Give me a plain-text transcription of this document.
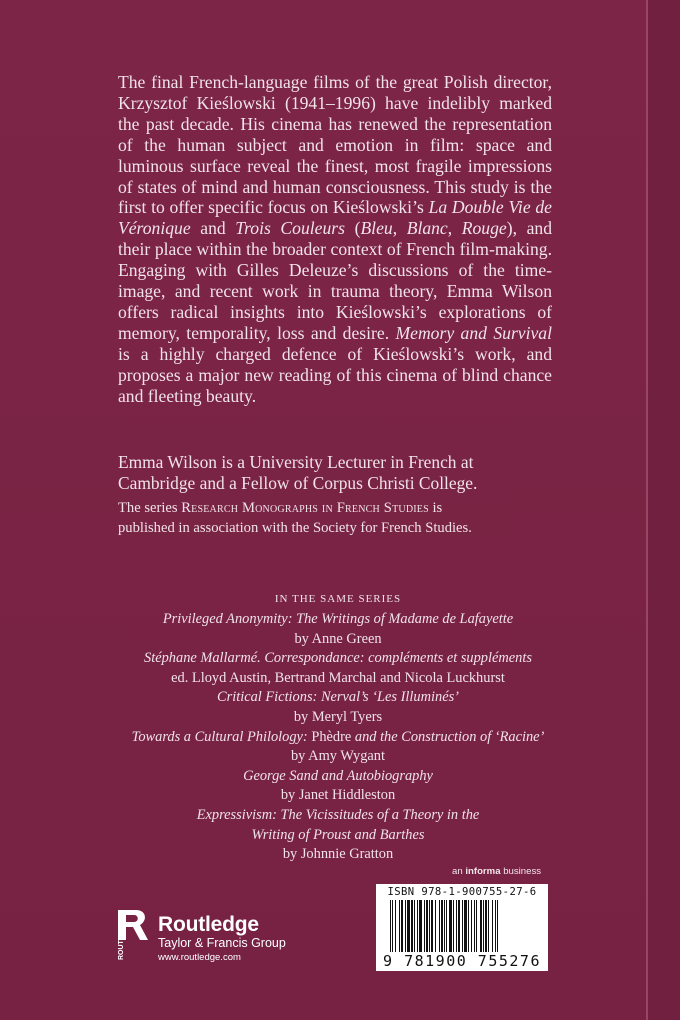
The final French-language films of the great Polish director, Krzysztof Kieślowski (1941–1996) have indelibly marked the past decade. His cinema has renewed the representation of the human subject and emotion in film: space and luminous surface reveal the finest, most fragile impressions of states of mind and human consciousness. This study is the first to offer specific focus on Kieślowski’s La Double Vie de Véronique and Trois Couleurs (Bleu, Blanc, Rouge), and their place within the broader context of French film-making. Engaging with Gilles Deleuze’s discussions of the time-image, and recent work in trauma theory, Emma Wilson offers radical insights into Kieślowski’s explorations of memory, temporality, loss and desire. Memory and Survival is a highly charged defence of Kieślowski’s work, and proposes a major new reading of this cinema of blind chance and fleeting beauty.

Emma Wilson is a University Lecturer in French at

Cambridge and a Fellow of Corpus Christi College.

The series Research Monographs in French Studies is

published in association with the Society for French Studies.

IN THE SAME SERIES
Privileged Anonymity: The Writings of Madame de Lafayette
by Anne Green
Stéphane Mallarmé. Correspondance: compléments et suppléments
ed. Lloyd Austin, Bertrand Marchal and Nicola Luckhurst
Critical Fictions: Nerval’s ‘Les Illuminés’
by Meryl Tyers
Towards a Cultural Philology: Phèdre and the Construction of ‘Racine’
by Amy Wygant
George Sand and Autobiography
by Janet Hiddleston
Expressivism: The Vicissitudes of a Theory in the
Writing of Proust and Barthes
by Johnnie Gratton
an informa business
ISBN 978-1-900755-27-6
9 781900 755276
ROUTLEDGE Routledge
Taylor & Francis Group
www.routledge.com
